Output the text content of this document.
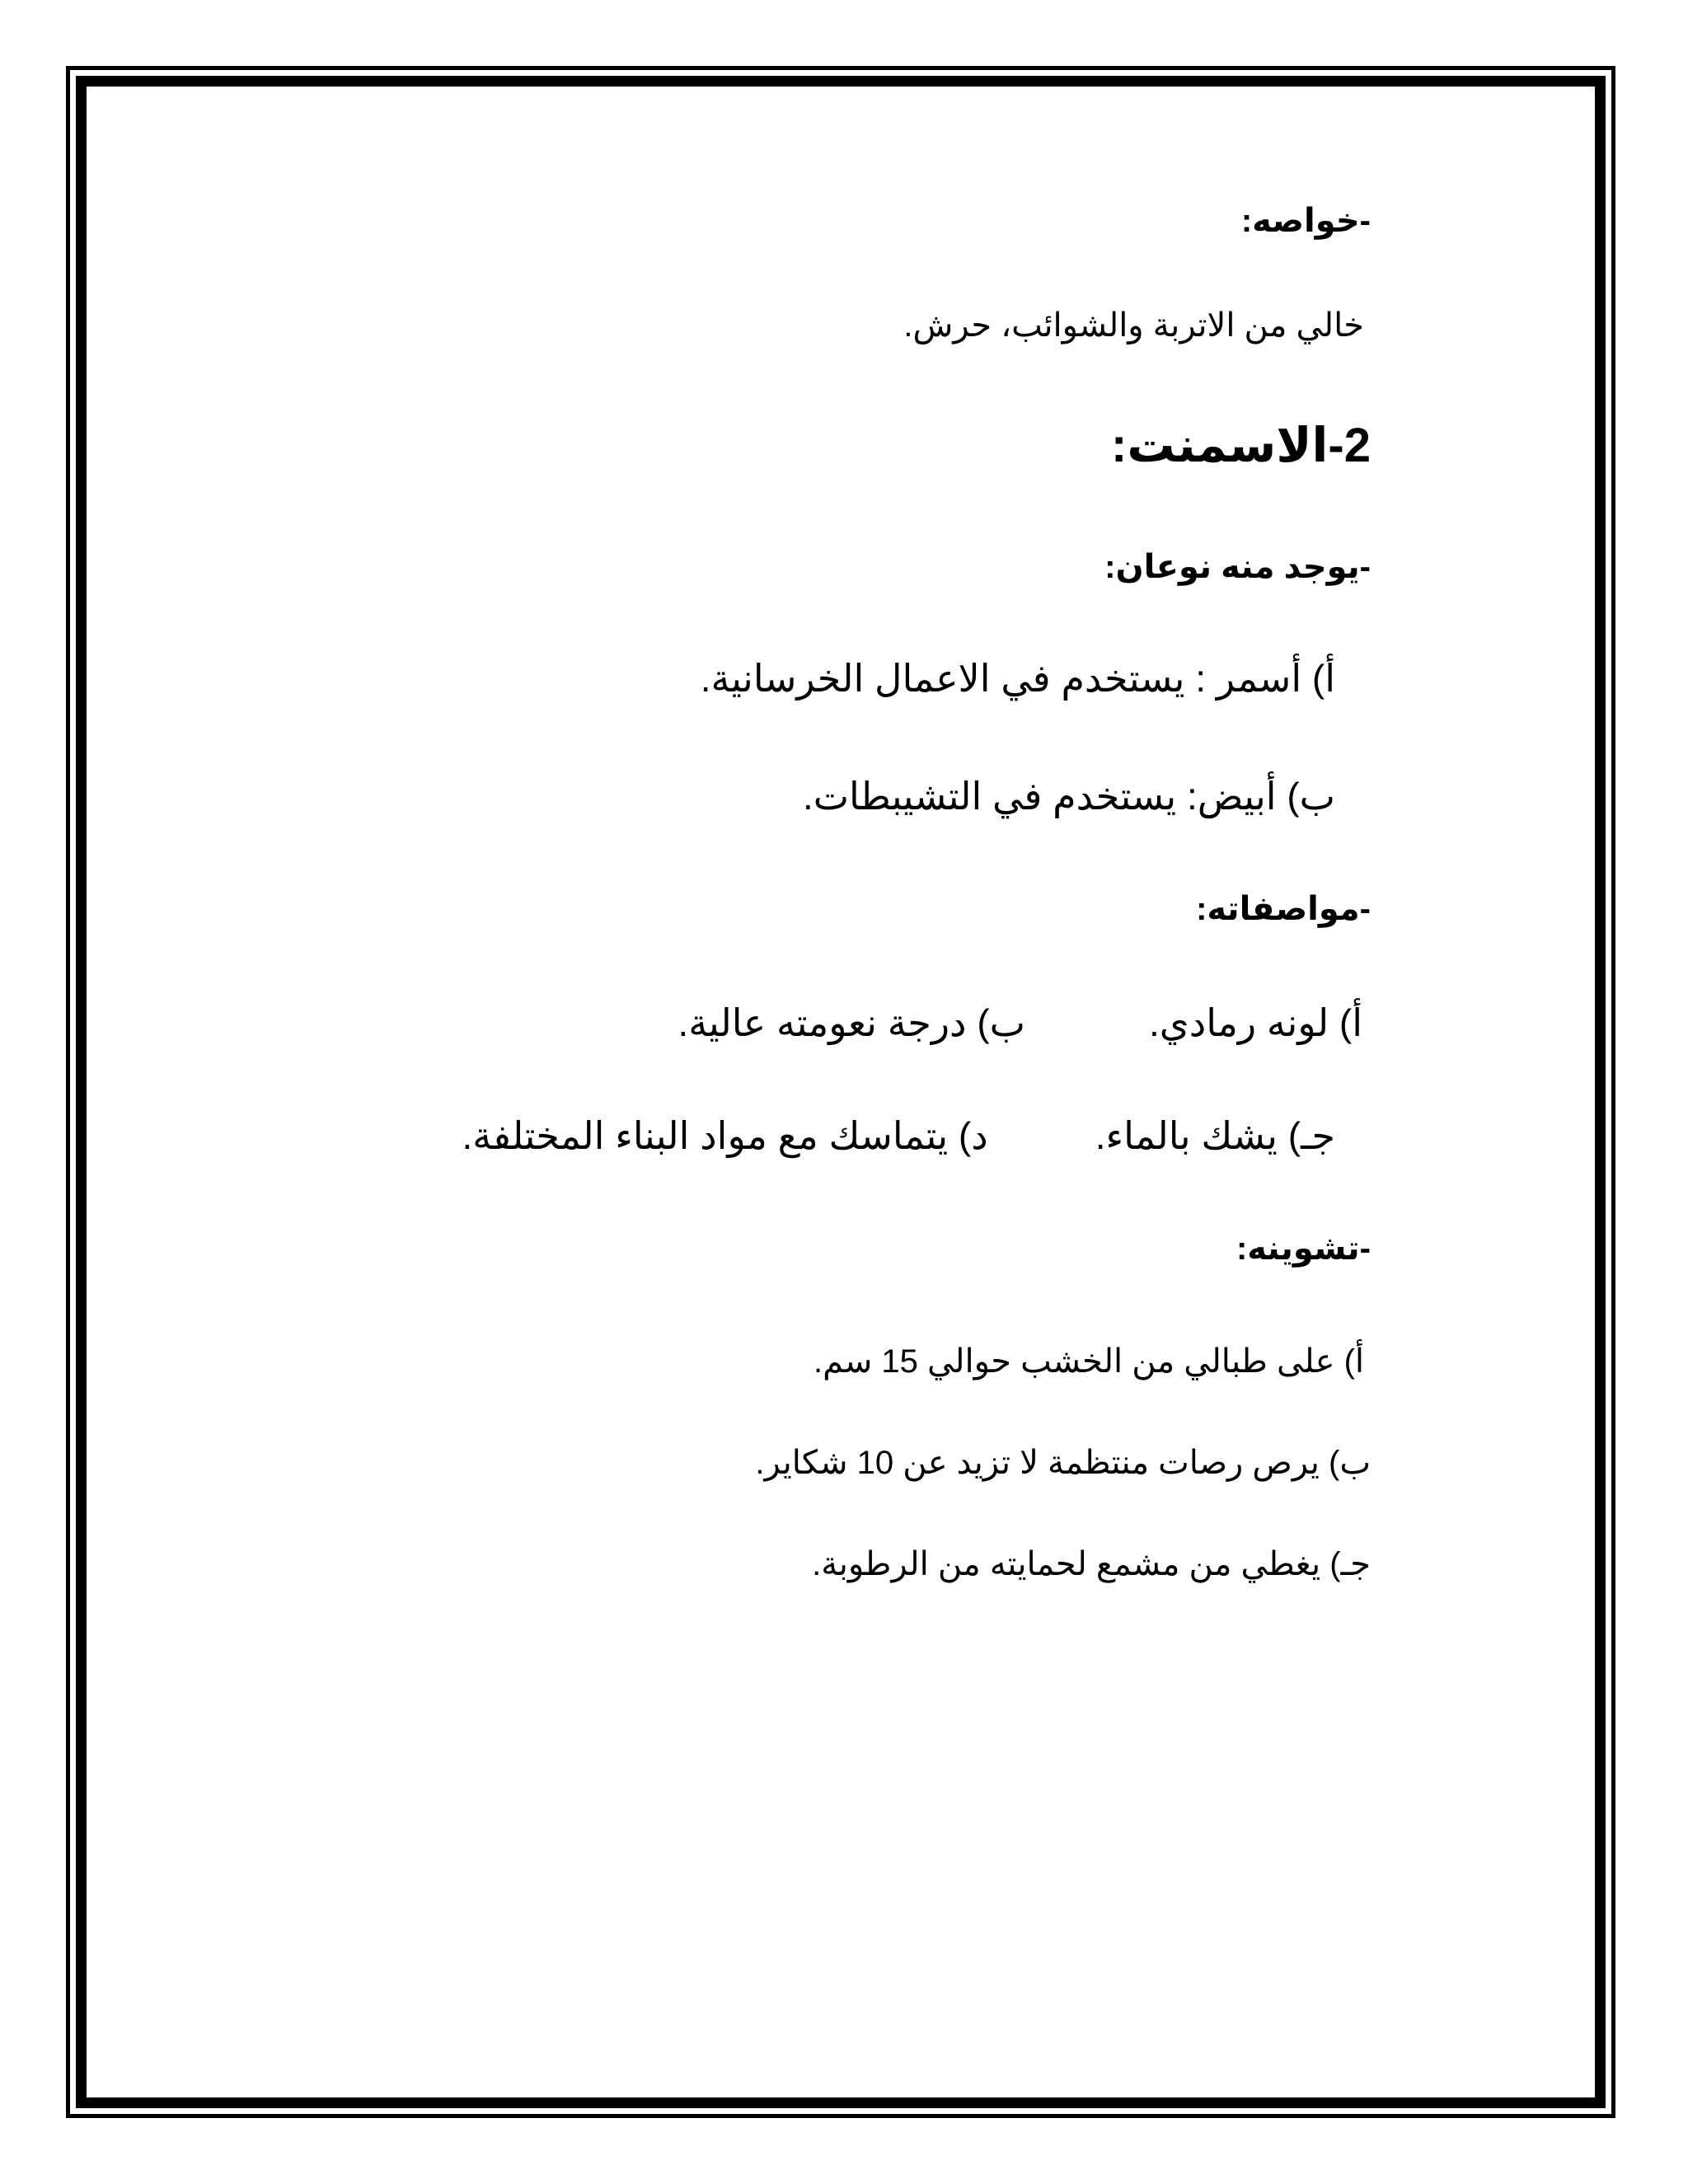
-خواصه:
خالي من الاتربة والشوائب، حرش.
2-الاسمنت:
-يوجد منه نوعان:
أ) أسمر : يستخدم في الاعمال الخرسانية.
ب) أبيض: يستخدم في التشيبطات.
-مواصفاته:
أ) لونه رمادي.ب) درجة نعومته عالية.
جـ) يشك بالماء.د) يتماسك مع مواد البناء المختلفة.
-تشوينه:
أ) على طبالي من الخشب حوالي 15 سم.
ب) يرص رصات منتظمة لا تزيد عن 10 شكاير.
جـ) يغطي من مشمع لحمايته من الرطوبة.
